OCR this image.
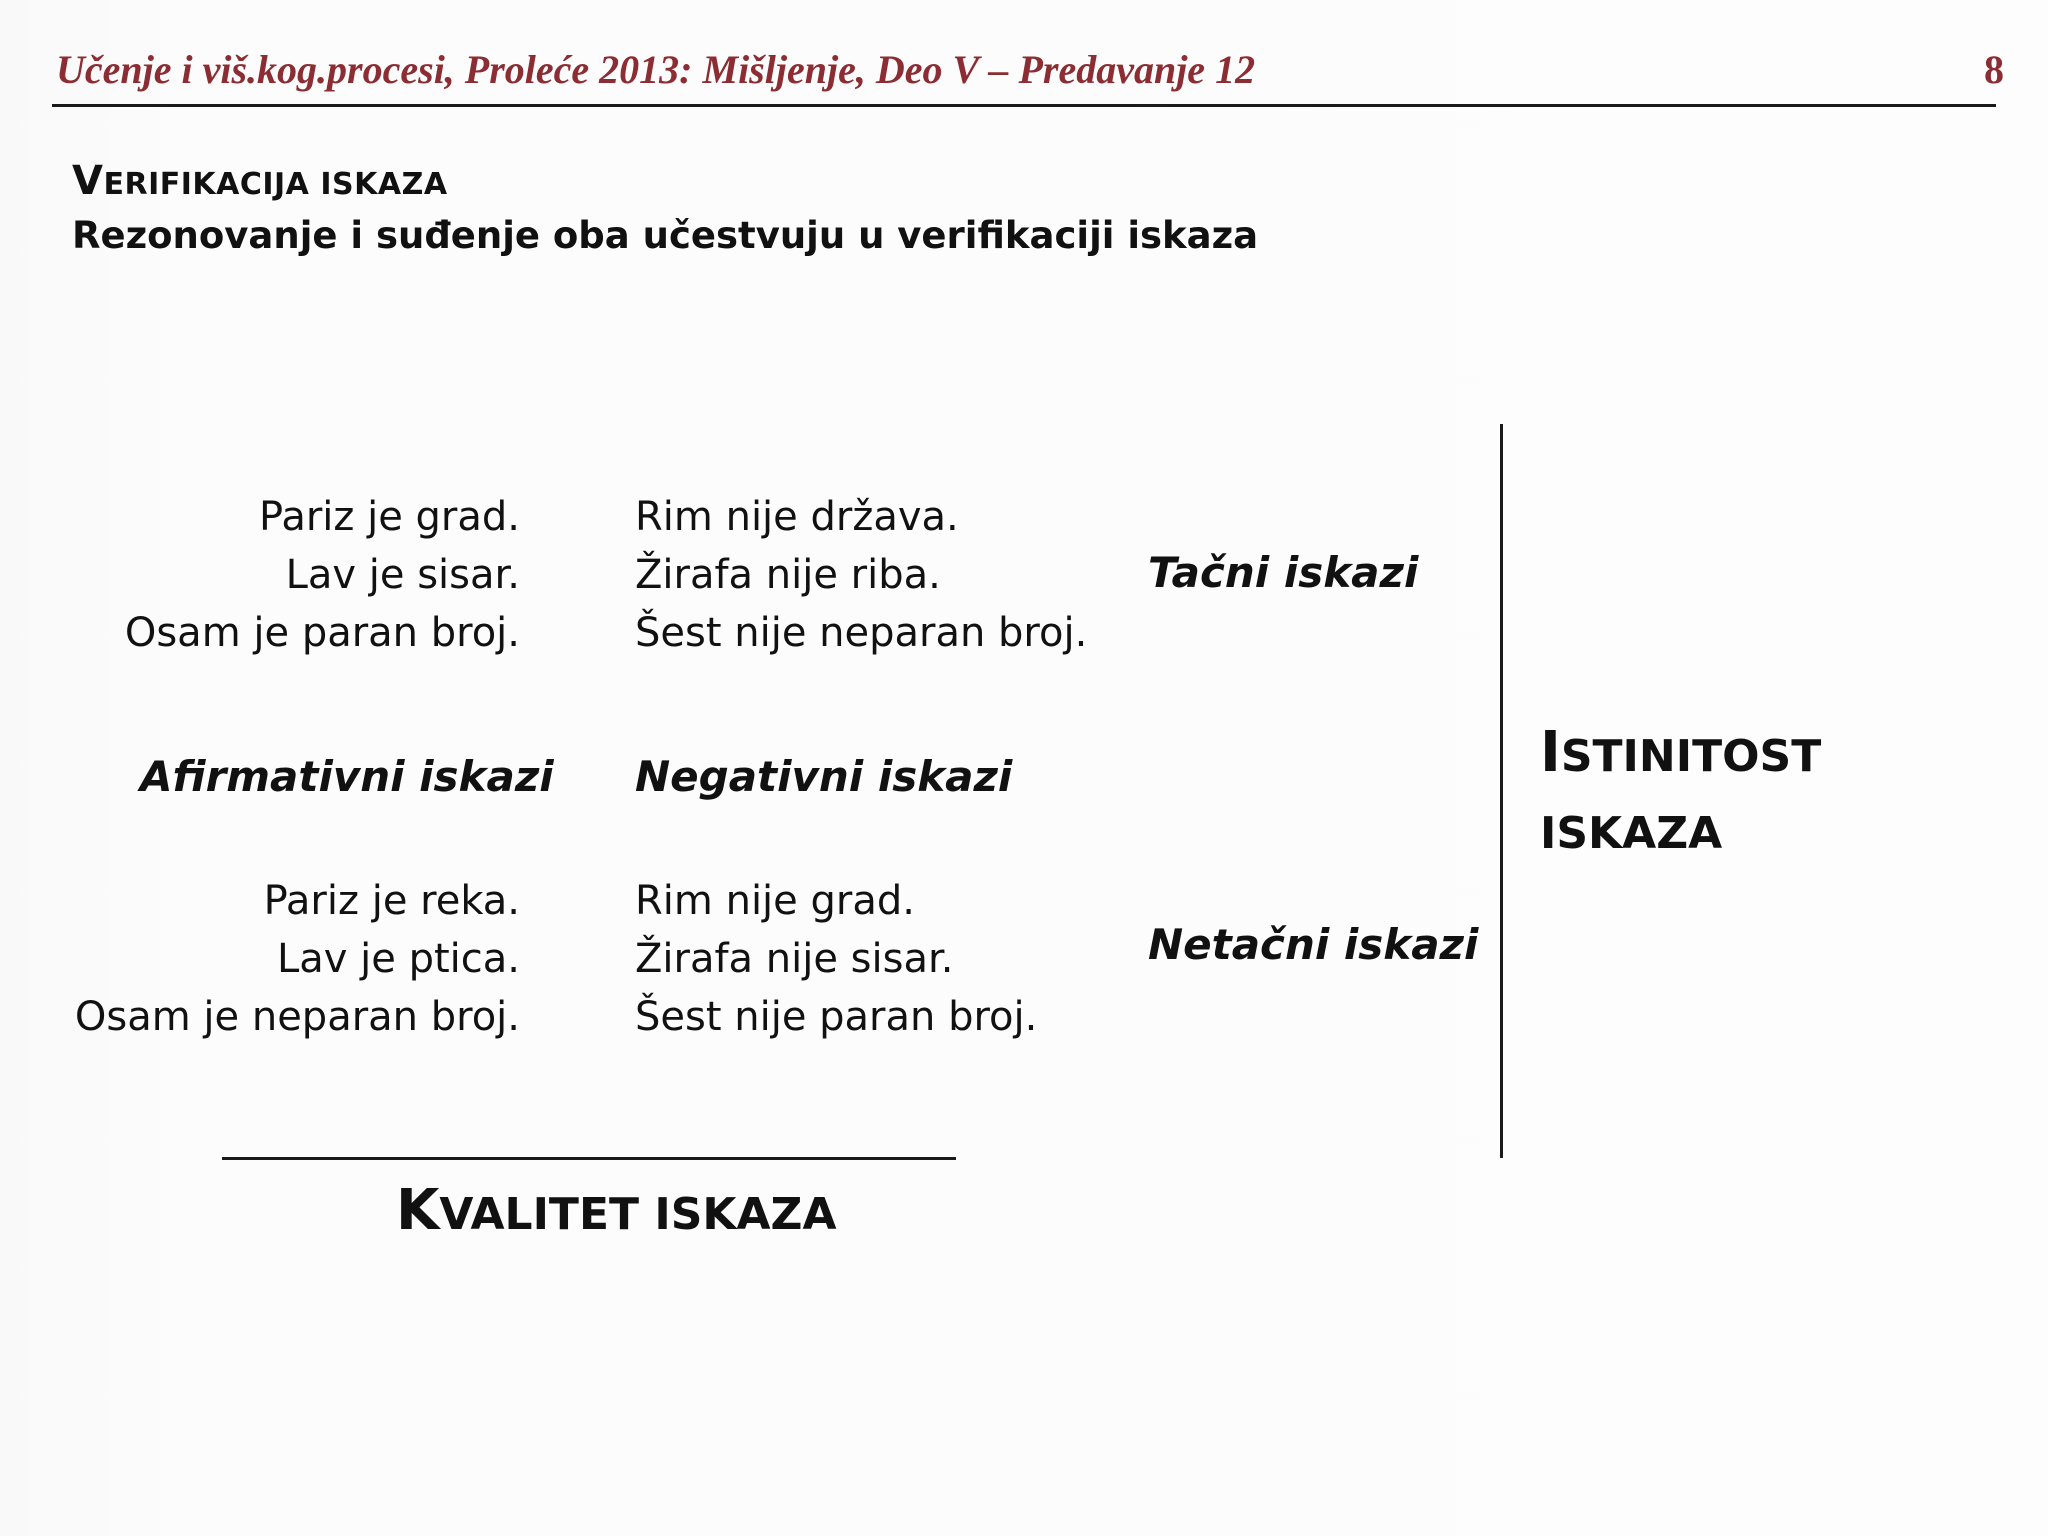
Učenje i viš.kog.procesi, Proleće 2013: Mišljenje, Deo V – Predavanje 12	8
VERIFIKACIJA ISKAZA
Rezonovanje i suđenje oba učestvuju u verifikaciji iskaza
Pariz je grad.
Lav je sisar.
Osam je paran broj.
Rim nije država.
Žirafa nije riba.
Šest nije neparan broj.
Tačni iskazi
Afirmativni iskazi Negativni iskazi
Pariz je reka.
Lav je ptica.
Osam je neparan broj.
Rim nije grad.
Žirafa nije sisar.
Šest nije paran broj.
Netačni iskazi
ISTINITOST
ISKAZA
KVALITET ISKAZA
